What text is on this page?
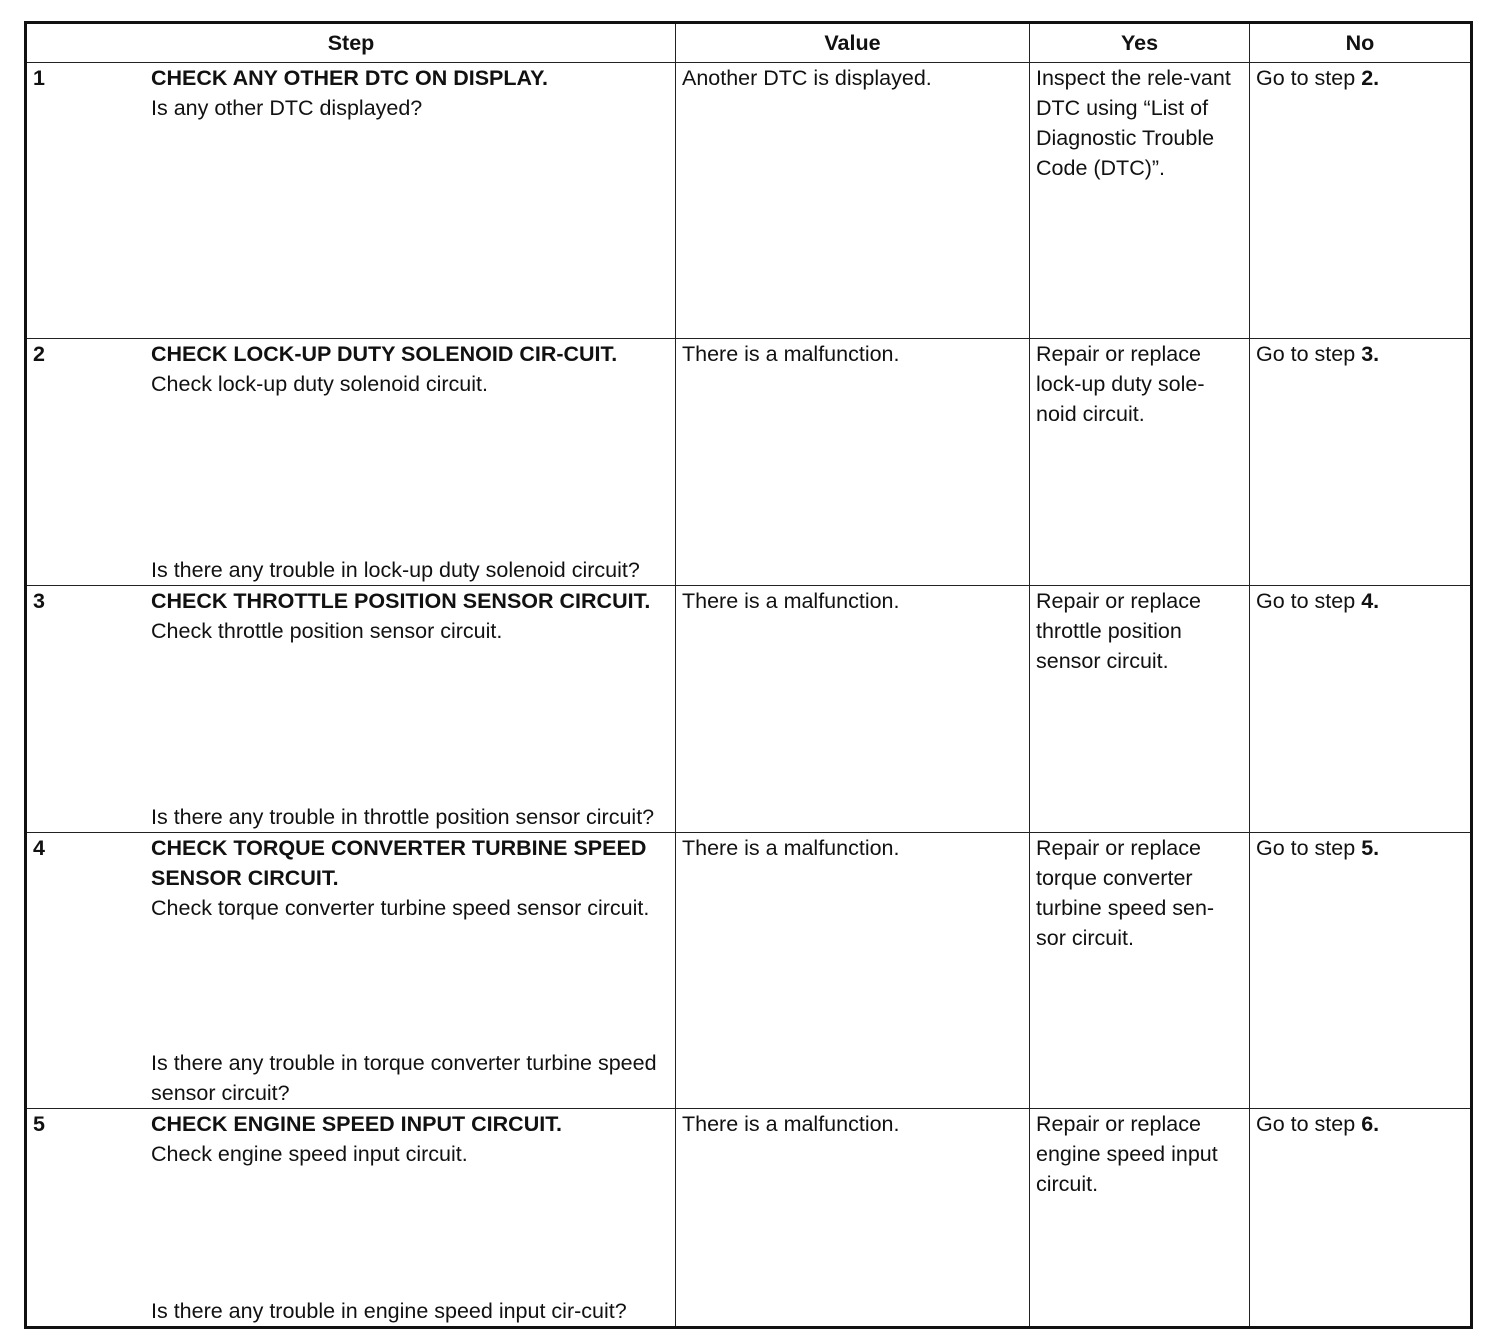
Step	Value	Yes	No

1 CHECK ANY OTHER DTC ON DISPLAY.
Is any other DTC displayed?	Another DTC is displayed.	Inspect the rele-vant DTC using “List of Diagnostic Trouble Code (DTC)”.	Go to step 2.

2 CHECK LOCK-UP DUTY SOLENOID CIR-CUIT.
Check lock-up duty solenoid circuit.
Is there any trouble in lock-up duty solenoid circuit?	There is a malfunction.	Repair or replace lock-up duty sole-noid circuit.	Go to step 3.

3 CHECK THROTTLE POSITION SENSOR CIRCUIT.
Check throttle position sensor circuit.
Is there any trouble in throttle position sensor circuit?	There is a malfunction.	Repair or replace throttle position sensor circuit.	Go to step 4.

4 CHECK TORQUE CONVERTER TURBINE SPEED SENSOR CIRCUIT.
Check torque converter turbine speed sensor circuit.
Is there any trouble in torque converter turbine speed sensor circuit?	There is a malfunction.	Repair or replace torque converter turbine speed sen-sor circuit.	Go to step 5.

5 CHECK ENGINE SPEED INPUT CIRCUIT.
Check engine speed input circuit.
Is there any trouble in engine speed input cir-cuit?	There is a malfunction.	Repair or replace engine speed input circuit.	Go to step 6.
